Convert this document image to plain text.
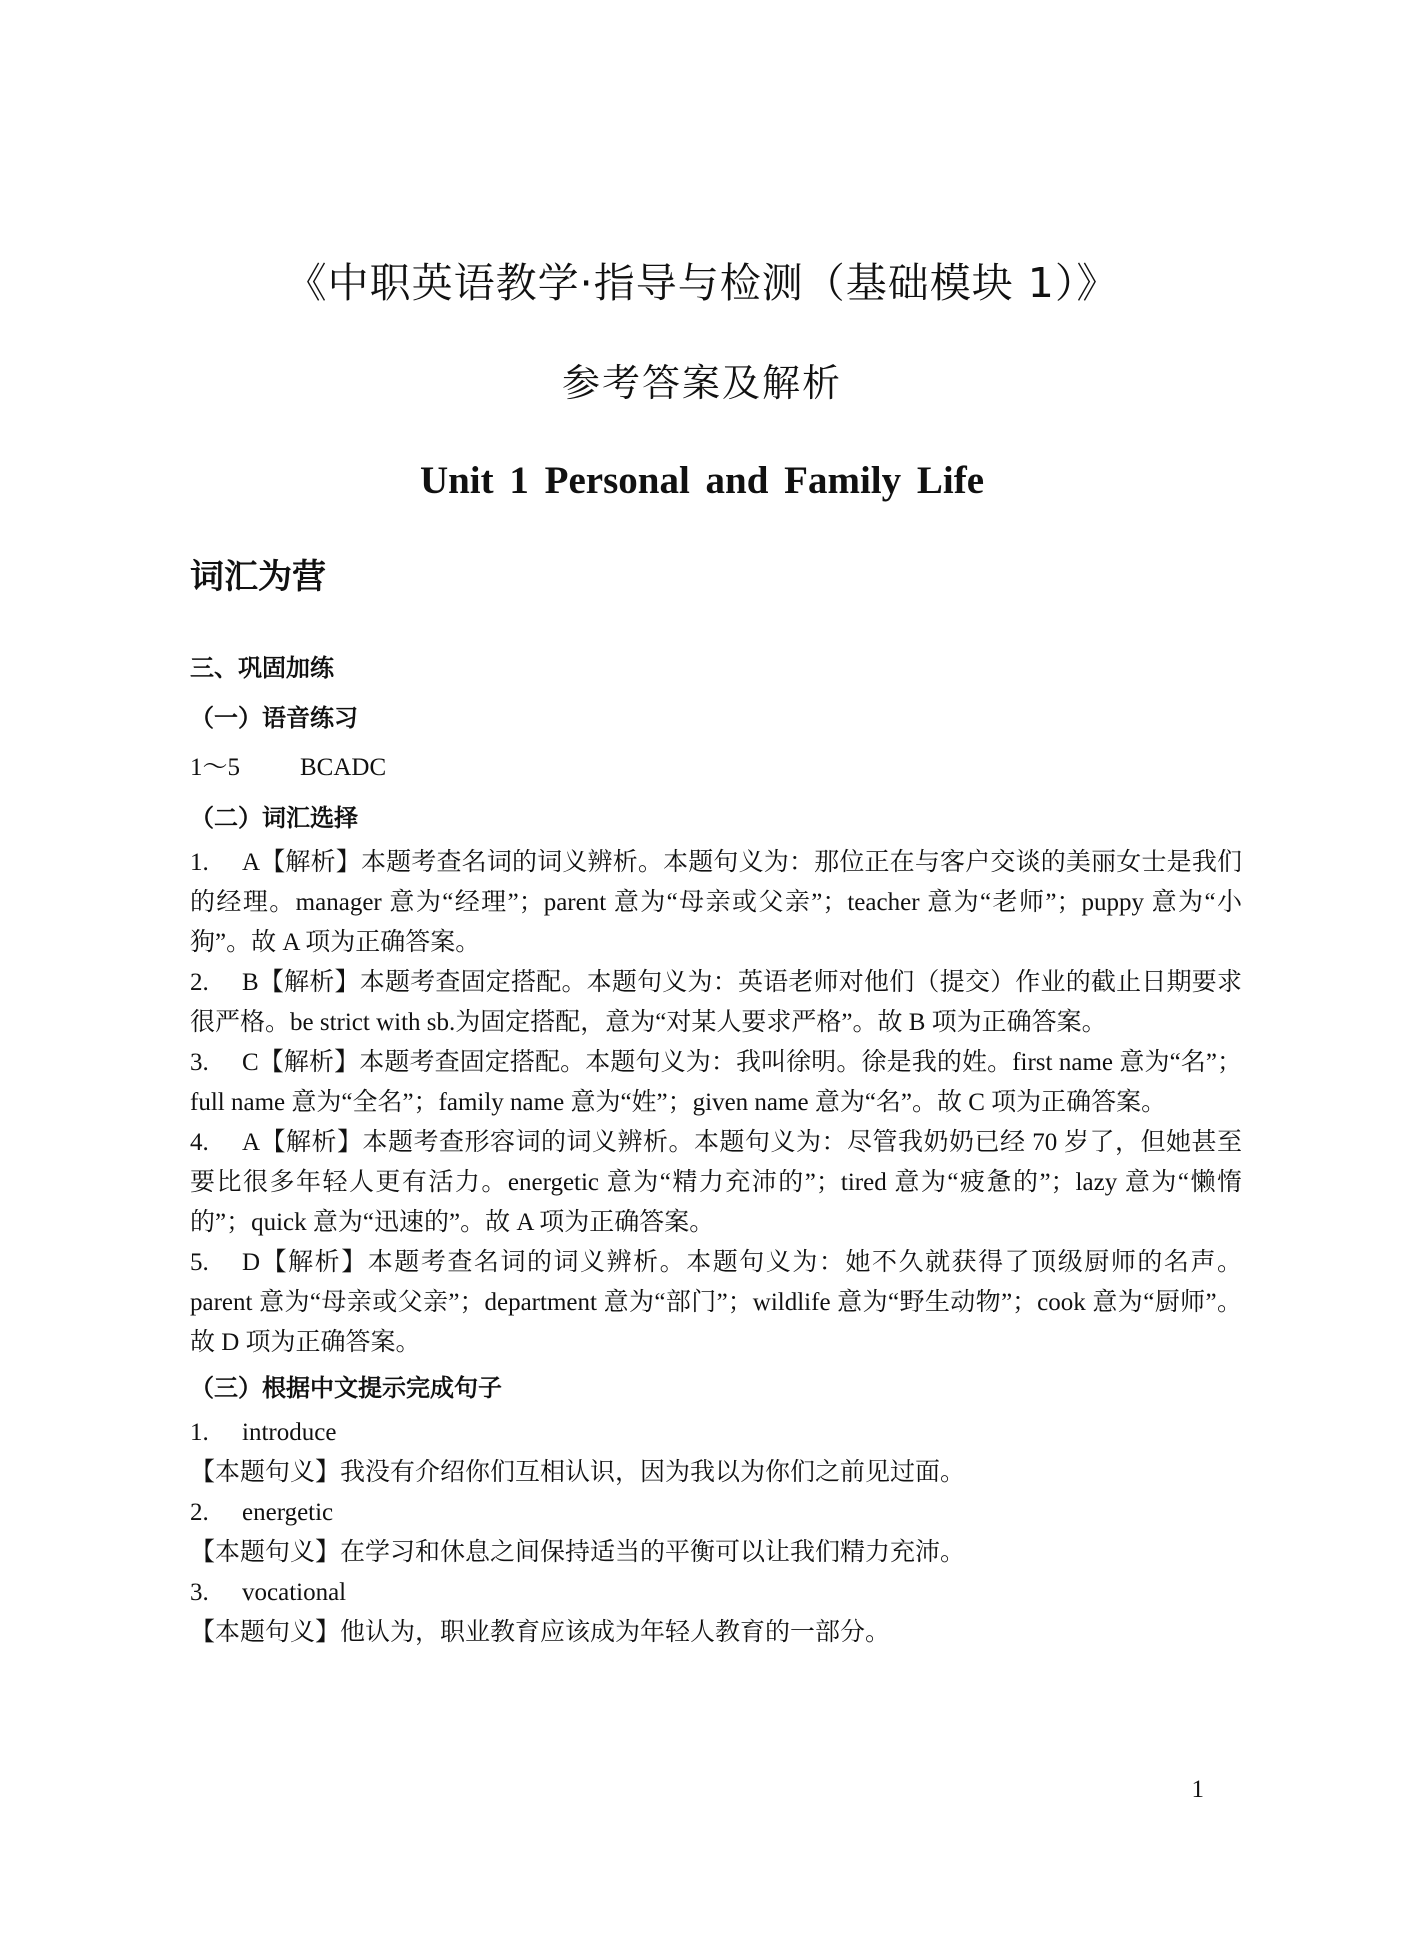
《中职英语教学·指导与检测（基础模块 1）》
参考答案及解析
Unit 1 Personal and Family Life
词汇为营
三、巩固加练
（一）语音练习
1～5 BCADC
（二）词汇选择
1. A【解析】本题考查名词的词义辨析。本题句义为：那位正在与客户交谈的美丽女士是我们的经理。manager 意为“经理”；parent 意为“母亲或父亲”；teacher 意为“老师”；puppy 意为“小狗”。故 A 项为正确答案。
2. B【解析】本题考查固定搭配。本题句义为：英语老师对他们（提交）作业的截止日期要求很严格。be strict with sb.为固定搭配，意为“对某人要求严格”。故 B 项为正确答案。
3. C【解析】本题考查固定搭配。本题句义为：我叫徐明。徐是我的姓。first name 意为“名”；full name 意为“全名”；family name 意为“姓”；given name 意为“名”。故 C 项为正确答案。
4. A【解析】本题考查形容词的词义辨析。本题句义为：尽管我奶奶已经 70 岁了，但她甚至要比很多年轻人更有活力。energetic 意为“精力充沛的”；tired 意为“疲惫的”；lazy 意为“懒惰的”；quick 意为“迅速的”。故 A 项为正确答案。
5. D【解析】本题考查名词的词义辨析。本题句义为：她不久就获得了顶级厨师的名声。parent 意为“母亲或父亲”；department 意为“部门”；wildlife 意为“野生动物”；cook 意为“厨师”。故 D 项为正确答案。
（三）根据中文提示完成句子
1. introduce
【本题句义】我没有介绍你们互相认识，因为我以为你们之前见过面。
2. energetic
【本题句义】在学习和休息之间保持适当的平衡可以让我们精力充沛。
3. vocational
【本题句义】他认为，职业教育应该成为年轻人教育的一部分。
1
